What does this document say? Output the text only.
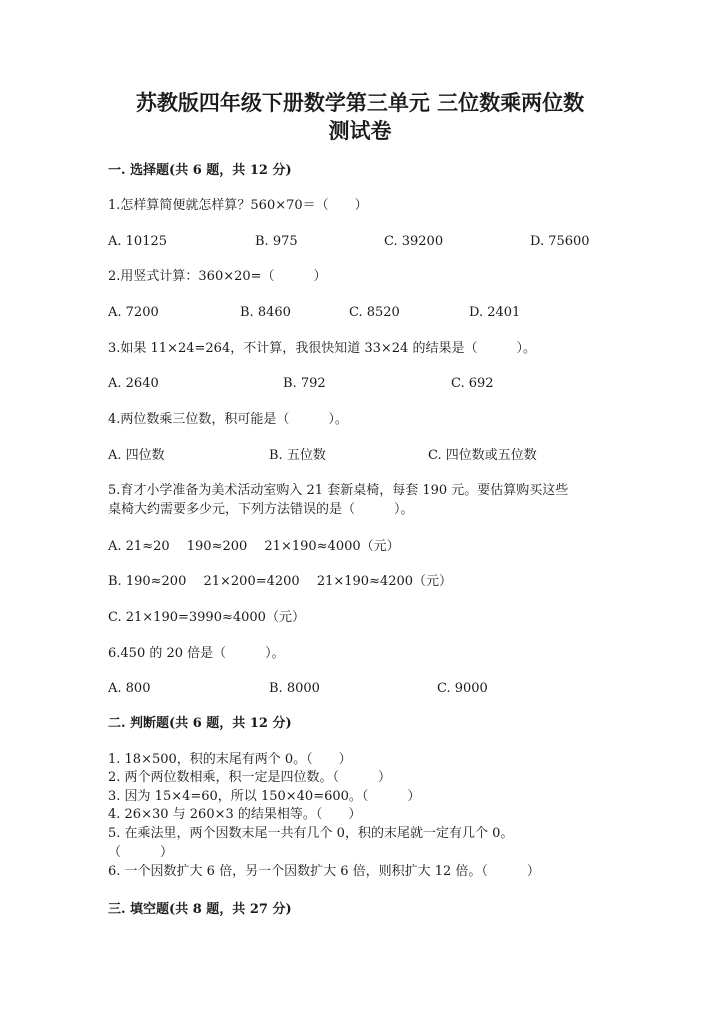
苏教版四年级下册数学第三单元 三位数乘两位数
测试卷
一. 选择题(共 6 题，共 12 分)
1.怎样算简便就怎样算？560×70＝（　　）
A. 10125	B. 975	C. 39200	D. 75600
2.用竖式计算：360×20=（　　　）
A. 7200	B. 8460	C. 8520	D. 2401
3.如果 11×24=264，不计算，我很快知道 33×24 的结果是（　　　）。
A. 2640	B. 792	C. 692
4.两位数乘三位数，积可能是（　　　）。
A. 四位数	B. 五位数	C. 四位数或五位数
5.育才小学准备为美术活动室购入 21 套新桌椅，每套 190 元。要估算购买这些
桌椅大约需要多少元，下列方法错误的是（　　　）。
A. 21≈20　 190≈200　 21×190≈4000（元）
B. 190≈200　 21×200=4200　 21×190≈4200（元）
C. 21×190=3990≈4000（元）
6.450 的 20 倍是（　　　）。
A. 800	B. 8000	C. 9000
二. 判断题(共 6 题，共 12 分)
1. 18×500，积的末尾有两个 0。（　　）
2. 两个两位数相乘，积一定是四位数。（　　　）
3. 因为 15×4=60，所以 150×40=600。（　　　）
4. 26×30 与 260×3 的结果相等。（　　）
5. 在乘法里，两个因数末尾一共有几个 0，积的末尾就一定有几个 0。
（　　　）
6. 一个因数扩大 6 倍，另一个因数扩大 6 倍，则积扩大 12 倍。（　　　）
三. 填空题(共 8 题，共 27 分)
